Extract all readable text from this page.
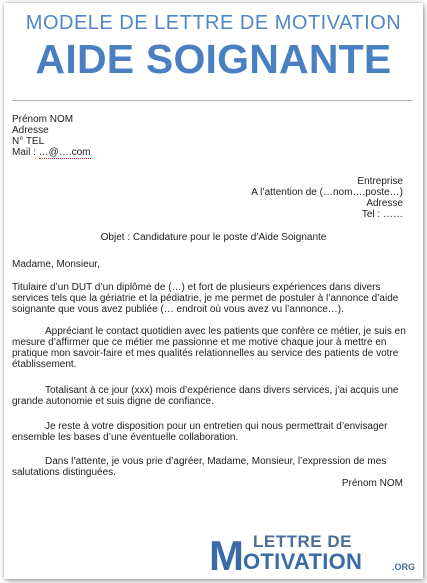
MODELE DE LETTRE DE MOTIVATION
AIDE SOIGNANTE
Prénom NOM
Adresse
N° TEL
Mail : …@….com
Entreprise
A l’attention de (…nom….poste…)
Adresse
Tel : ……
Objet : Candidature pour le poste d’Aide Soignante
Madame, Monsieur,
Titulaire d’un DUT d’un diplôme de (…) et fort de plusieurs expériences dans divers
services tels que la gériatrie et la pédiatrie, je me permet de postuler à l’annonce d’aide
soignante que vous avez publiée (… endroit où vous avez vu l’annonce…).
Appréciant le contact quotidien avec les patients que confère ce métier, je suis en
mesure d’affirmer que ce métier me passionne et me motive chaque jour à mettre en
pratique mon savoir-faire et mes qualités relationnelles au service des patients de votre
établissement.
Totalisant à ce jour (xxx) mois d’expérience dans divers services, j’ai acquis une
grande autonomie et suis digne de confiance.
Je reste à votre disposition pour un entretien qui nous permettrait d’envisager
ensemble les bases d’une éventuelle collaboration.
Dans l’attente, je vous prie d’agréer, Madame, Monsieur, l’expression de mes
salutations distinguées.
Prénom NOM
LETTRE DE
M OTIVATION	.ORG
